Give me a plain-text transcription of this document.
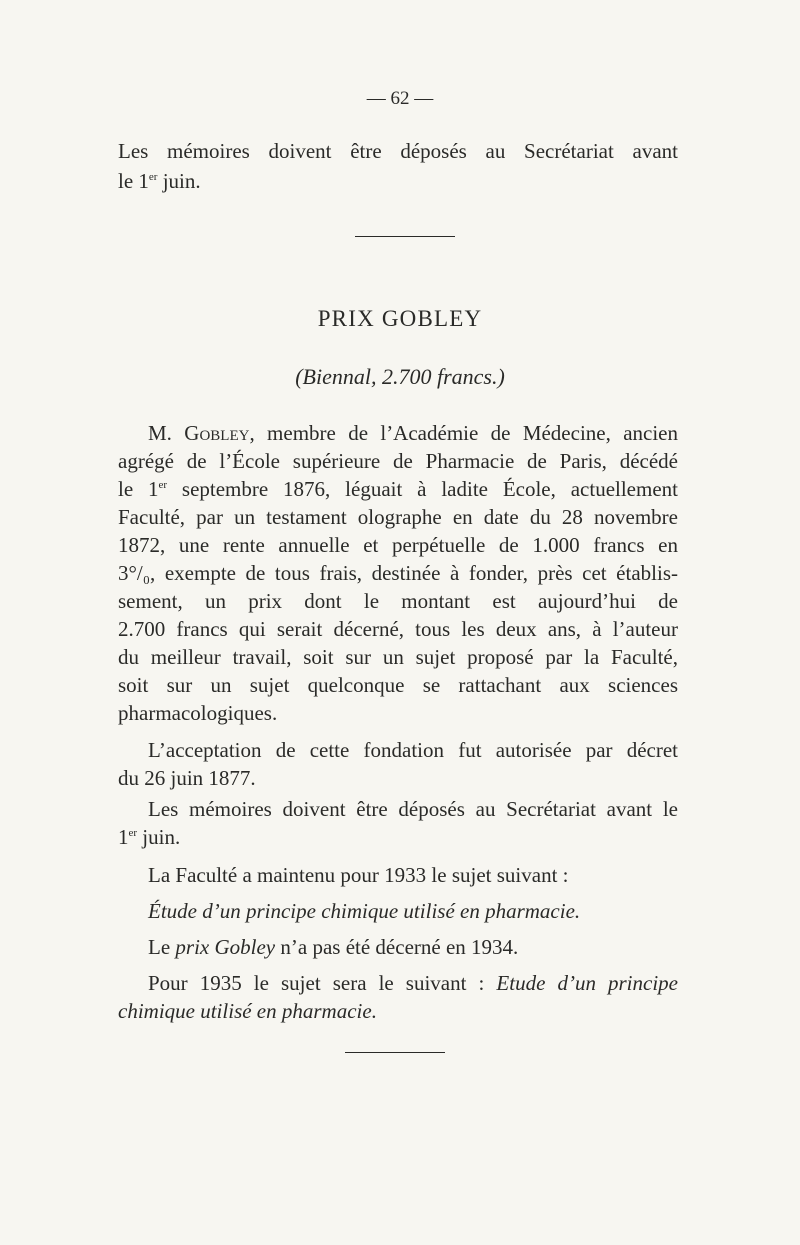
— 62 —
Les mémoires doivent être déposés au Secrétariat avant
le 1er juin.
PRIX GOBLEY
(Biennal, 2.700 francs.)
M. Gobley, membre de l’Académie de Médecine, ancien
agrégé de l’École supérieure de Pharmacie de Paris, décédé
le 1er septembre 1876, léguait à ladite École, actuellement
Faculté, par un testament olographe en date du 28 novembre
1872, une rente annuelle et perpétuelle de 1.000 francs en
3°/₀, exempte de tous frais, destinée à fonder, près cet établis-
sement, un prix dont le montant est aujourd’hui de
2.700 francs qui serait décerné, tous les deux ans, à l’auteur
du meilleur travail, soit sur un sujet proposé par la Faculté,
soit sur un sujet quelconque se rattachant aux sciences
pharmacologiques.
L’acceptation de cette fondation fut autorisée par décret
du 26 juin 1877.
Les mémoires doivent être déposés au Secrétariat avant le
1er juin.
La Faculté a maintenu pour 1933 le sujet suivant :
Étude d’un principe chimique utilisé en pharmacie.
Le prix Gobley n’a pas été décerné en 1934.
Pour 1935 le sujet sera le suivant : Etude d’un principe
chimique utilisé en pharmacie.
